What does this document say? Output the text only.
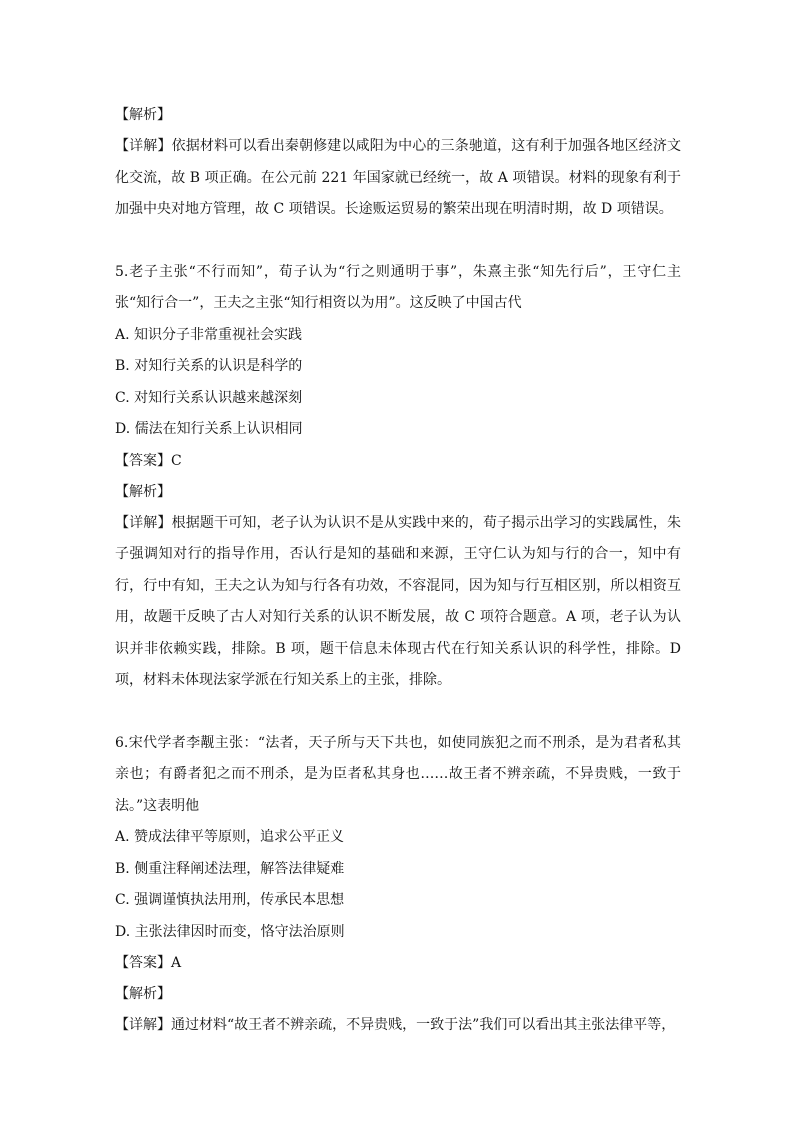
【解析】

【详解】依据材料可以看出秦朝修建以咸阳为中心的三条驰道，这有利于加强各地区经济文化交流，故 B 项正确。在公元前 221 年国家就已经统一，故 A 项错误。材料的现象有利于加强中央对地方管理，故 C 项错误。长途贩运贸易的繁荣出现在明清时期，故 D 项错误。

5.老子主张“不行而知”，荀子认为“行之则通明于事”，朱熹主张“知先行后”，王守仁主张“知行合一”，王夫之主张“知行相资以为用”。这反映了中国古代

A. 知识分子非常重视社会实践

B. 对知行关系的认识是科学的

C. 对知行关系认识越来越深刻

D. 儒法在知行关系上认识相同

【答案】C

【解析】

【详解】根据题干可知，老子认为认识不是从实践中来的，荀子揭示出学习的实践属性，朱子强调知对行的指导作用，否认行是知的基础和来源，王守仁认为知与行的合一，知中有行，行中有知，王夫之认为知与行各有功效，不容混同，因为知与行互相区别，所以相资互用，故题干反映了古人对知行关系的认识不断发展，故 C 项符合题意。A 项，老子认为认识并非依赖实践，排除。B 项，题干信息未体现古代在行知关系认识的科学性，排除。D 项，材料未体现法家学派在行知关系上的主张，排除。

6.宋代学者李觏主张：“法者，天子所与天下共也，如使同族犯之而不刑杀，是为君者私其亲也；有爵者犯之而不刑杀，是为臣者私其身也……故王者不辨亲疏，不异贵贱，一致于法。”这表明他

A. 赞成法律平等原则，追求公平正义

B. 侧重注释阐述法理，解答法律疑难

C. 强调谨慎执法用刑，传承民本思想

D. 主张法律因时而变，恪守法治原则

【答案】A

【解析】

【详解】通过材料“故王者不辨亲疏，不异贵贱，一致于法”我们可以看出其主张法律平等，
